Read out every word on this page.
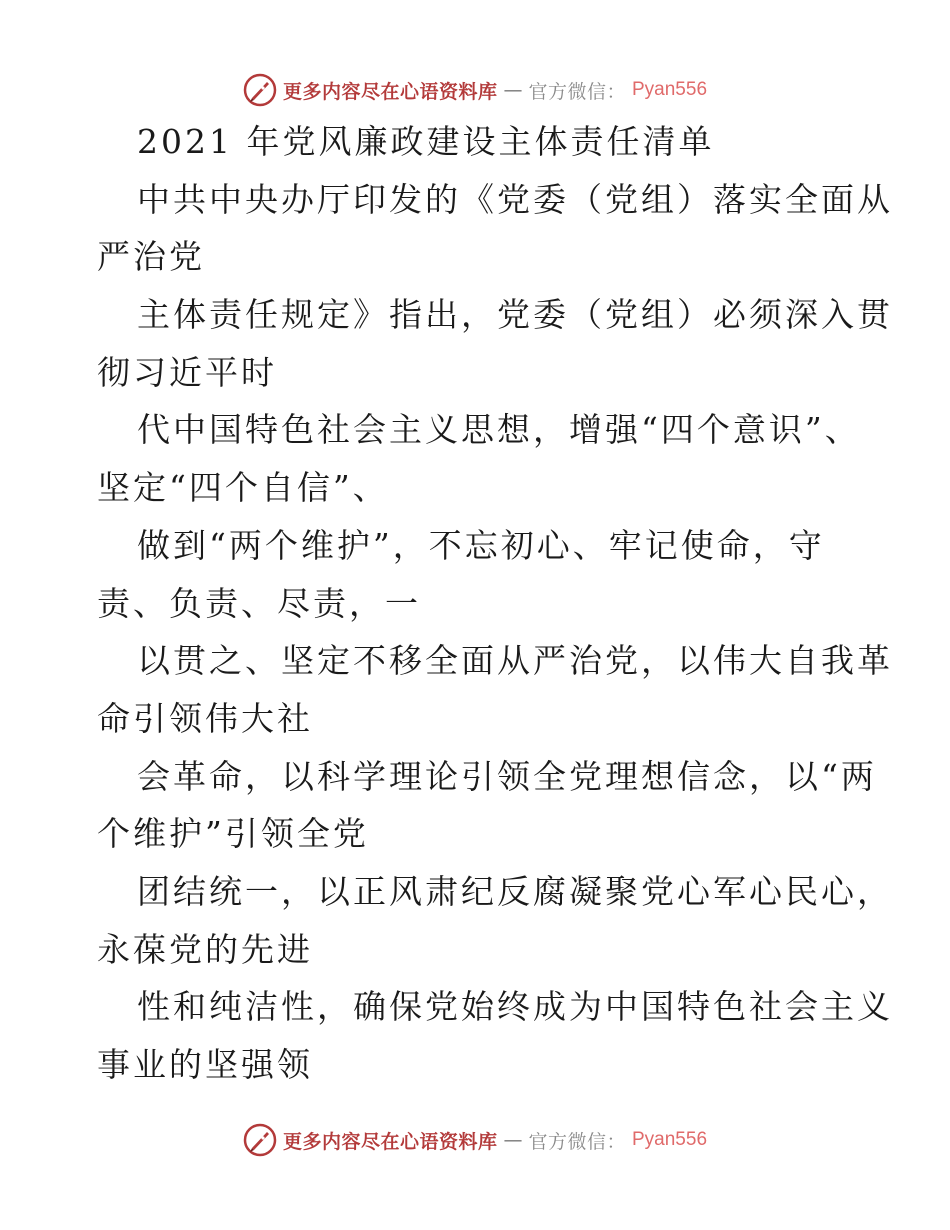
更多内容尽在心语资料库 — 官方微信： Pyan556
2021 年党风廉政建设主体责任清单
中共中央办厅印发的《党委（党组）落实全面从
严治党
主体责任规定》指出，党委（党组）必须深入贯
彻习近平时
代中国特色社会主义思想，增强“四个意识”、
坚定“四个自信”、
做到“两个维护”，不忘初心、牢记使命，守
责、负责、尽责，一
以贯之、坚定不移全面从严治党，以伟大自我革
命引领伟大社
会革命，以科学理论引领全党理想信念，以“两
个维护”引领全党
团结统一，以正风肃纪反腐凝聚党心军心民心，
永葆党的先进
性和纯洁性，确保党始终成为中国特色社会主义
事业的坚强领
更多内容尽在心语资料库 — 官方微信： Pyan556
